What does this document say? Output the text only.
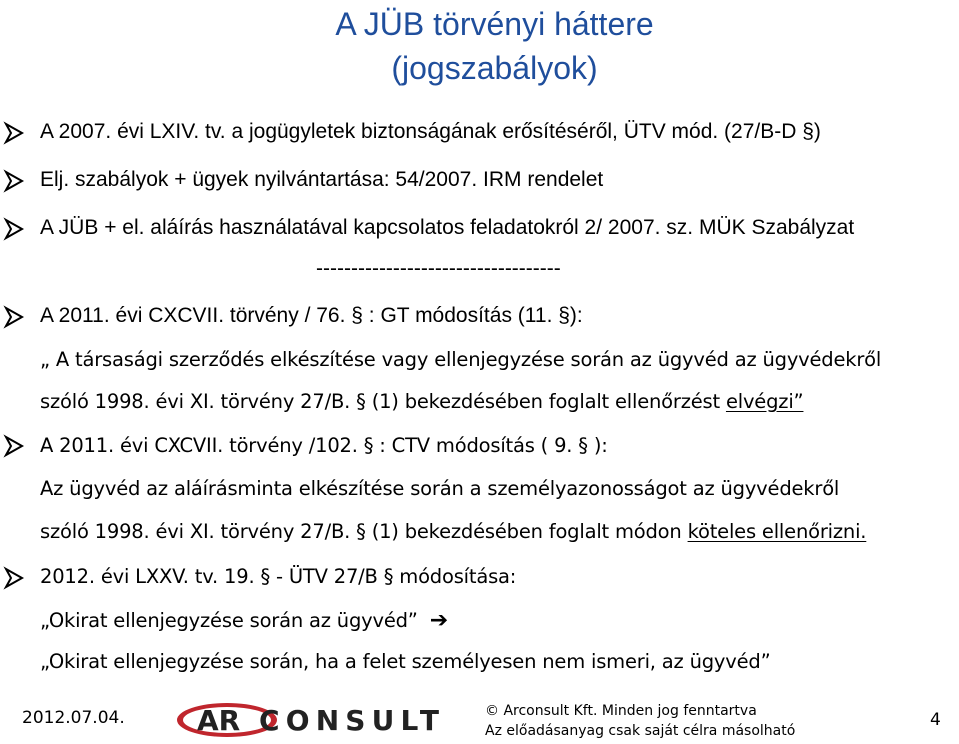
A JÜB törvényi háttere
(jogszabályok)
A 2007. évi LXIV. tv. a jogügyletek biztonságának erősítéséről, ÜTV mód. (27/B-D §)
Elj. szabályok + ügyek nyilvántartása: 54/2007. IRM rendelet
A JÜB + el. aláírás használatával kapcsolatos feladatokról 2/ 2007. sz. MÜK Szabályzat
-----------------------------------
A 2011. évi CXCVII. törvény / 76. § : GT módosítás (11. §):
„ A társasági szerződés elkészítése vagy ellenjegyzése során az ügyvéd az ügyvédekről
szóló 1998. évi XI. törvény 27/B. § (1) bekezdésében foglalt ellenőrzést elvégzi”
A 2011. évi CXCVII. törvény /102. § : CTV módosítás ( 9. § ):
Az ügyvéd az aláírásminta elkészítése során a személyazonosságot az ügyvédekről
szóló 1998. évi XI. törvény 27/B. § (1) bekezdésében foglalt módon köteles ellenőrizni.
2012. évi LXXV. tv. 19. § - ÜTV 27/B § módosítása:
„Okirat ellenjegyzése során az ügyvéd” ➔
„Okirat ellenjegyzése során, ha a felet személyesen nem ismeri, az ügyvéd”
2012.07.04.	AR CONSULT	© Arconsult Kft. Minden jog fenntartva
Az előadásanyag csak saját célra másolható
4
